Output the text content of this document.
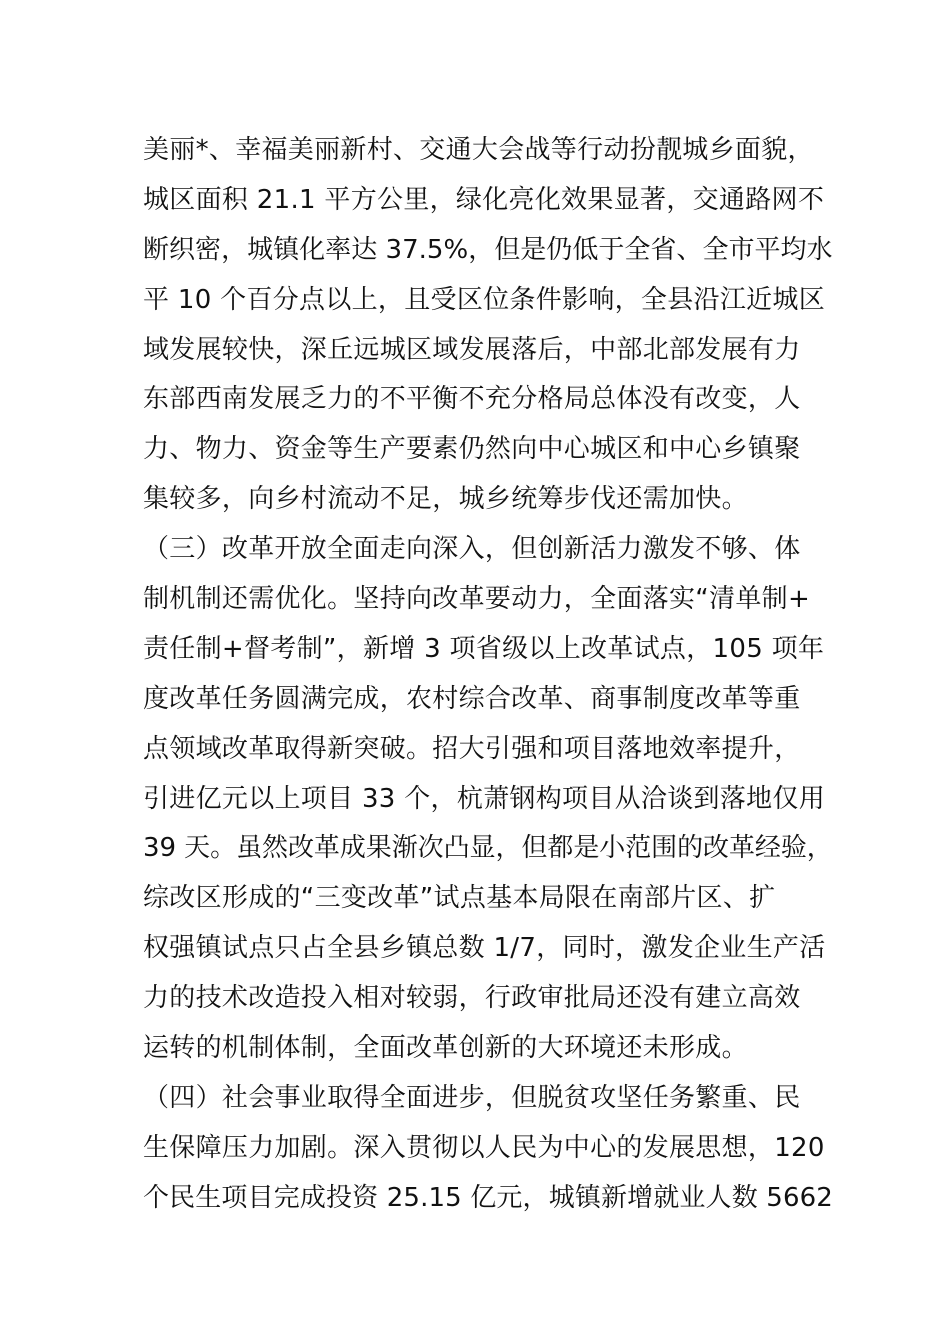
美丽*、幸福美丽新村、交通大会战等行动扮靓城乡面貌，
城区面积 21.1 平方公里，绿化亮化效果显著，交通路网不
断织密，城镇化率达 37.5%，但是仍低于全省、全市平均水
平 10 个百分点以上，且受区位条件影响，全县沿江近城区
域发展较快，深丘远城区域发展落后，中部北部发展有力
东部西南发展乏力的不平衡不充分格局总体没有改变，人
力、物力、资金等生产要素仍然向中心城区和中心乡镇聚
集较多，向乡村流动不足，城乡统筹步伐还需加快。
（三）改革开放全面走向深入，但创新活力激发不够、体
制机制还需优化。坚持向改革要动力，全面落实“清单制+
责任制+督考制”，新增 3 项省级以上改革试点，105 项年
度改革任务圆满完成，农村综合改革、商事制度改革等重
点领域改革取得新突破。招大引强和项目落地效率提升，
引进亿元以上项目 33 个，杭萧钢构项目从洽谈到落地仅用
39 天。虽然改革成果渐次凸显，但都是小范围的改革经验，
综改区形成的“三变改革”试点基本局限在南部片区、扩
权强镇试点只占全县乡镇总数 1/7，同时，激发企业生产活
力的技术改造投入相对较弱，行政审批局还没有建立高效
运转的机制体制，全面改革创新的大环境还未形成。
（四）社会事业取得全面进步，但脱贫攻坚任务繁重、民
生保障压力加剧。深入贯彻以人民为中心的发展思想，120
个民生项目完成投资 25.15 亿元，城镇新增就业人数 5662
